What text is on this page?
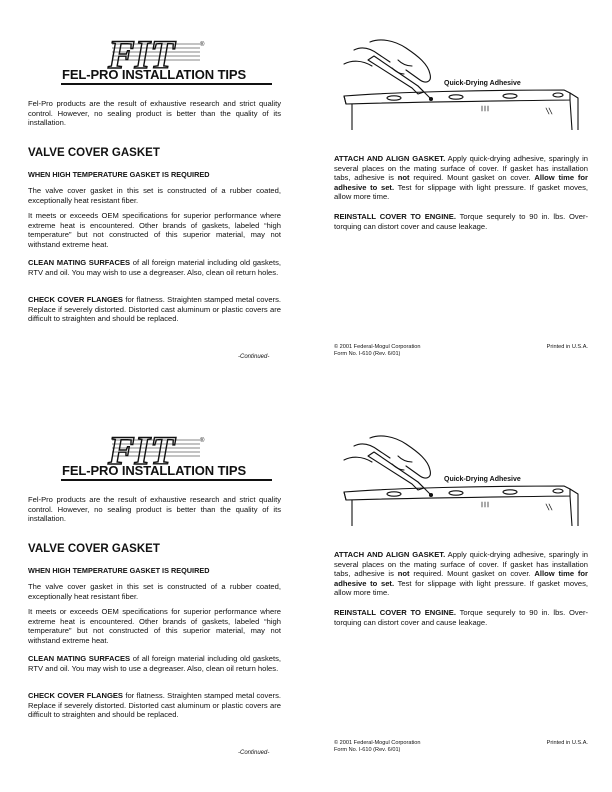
FIT	®
FEL-PRO INSTALLATION TIPS
Fel-Pro products are the result of exhaustive research and strict quality control. However, no sealing product is better than the quality of its installation.
VALVE COVER GASKET
WHEN HIGH TEMPERATURE GASKET IS REQUIRED
The valve cover gasket in this set is constructed of a rubber coated, exceptionally heat resistant fiber.
It meets or exceeds OEM specifications for superior performance where extreme heat is encountered. Other brands of gaskets, labeled “high temperature” but not constructed of this superior material, may not withstand extreme heat.
CLEAN MATING SURFACES of all foreign material including old gaskets, RTV and oil. You may wish to use a degreaser. Also, clean oil return holes.
CHECK COVER FLANGES for flatness. Straighten stamped metal covers. Replace if severely distorted. Distorted cast aluminum or plastic covers are difficult to straighten and should be replaced.
-Continued-
Quick-Drying Adhesive
ATTACH AND ALIGN GASKET. Apply quick-drying adhesive, sparingly in several places on the mating surface of cover. If gasket has installation tabs, adhesive is not required. Mount gasket on cover. Allow time for adhesive to set. Test for slippage with light pressure. If gasket moves, allow more time.
REINSTALL COVER TO ENGINE. Torque sequrely to 90 in. lbs. Over-torquing can distort cover and cause leakage.
© 2001 Federal-Mogul Corporation
Form No. I-610 (Rev. 6/01)
Printed in U.S.A.
FIT	®
FEL-PRO INSTALLATION TIPS
Fel-Pro products are the result of exhaustive research and strict quality control. However, no sealing product is better than the quality of its installation.
VALVE COVER GASKET
WHEN HIGH TEMPERATURE GASKET IS REQUIRED
The valve cover gasket in this set is constructed of a rubber coated, exceptionally heat resistant fiber.
It meets or exceeds OEM specifications for superior performance where extreme heat is encountered. Other brands of gaskets, labeled “high temperature” but not constructed of this superior material, may not withstand extreme heat.
CLEAN MATING SURFACES of all foreign material including old gaskets, RTV and oil. You may wish to use a degreaser. Also, clean oil return holes.
CHECK COVER FLANGES for flatness. Straighten stamped metal covers. Replace if severely distorted. Distorted cast aluminum or plastic covers are difficult to straighten and should be replaced.
-Continued-
Quick-Drying Adhesive
ATTACH AND ALIGN GASKET. Apply quick-drying adhesive, sparingly in several places on the mating surface of cover. If gasket has installation tabs, adhesive is not required. Mount gasket on cover. Allow time for adhesive to set. Test for slippage with light pressure. If gasket moves, allow more time.
REINSTALL COVER TO ENGINE. Torque sequrely to 90 in. lbs. Over-torquing can distort cover and cause leakage.
© 2001 Federal-Mogul Corporation
Form No. I-610 (Rev. 6/01)
Printed in U.S.A.
